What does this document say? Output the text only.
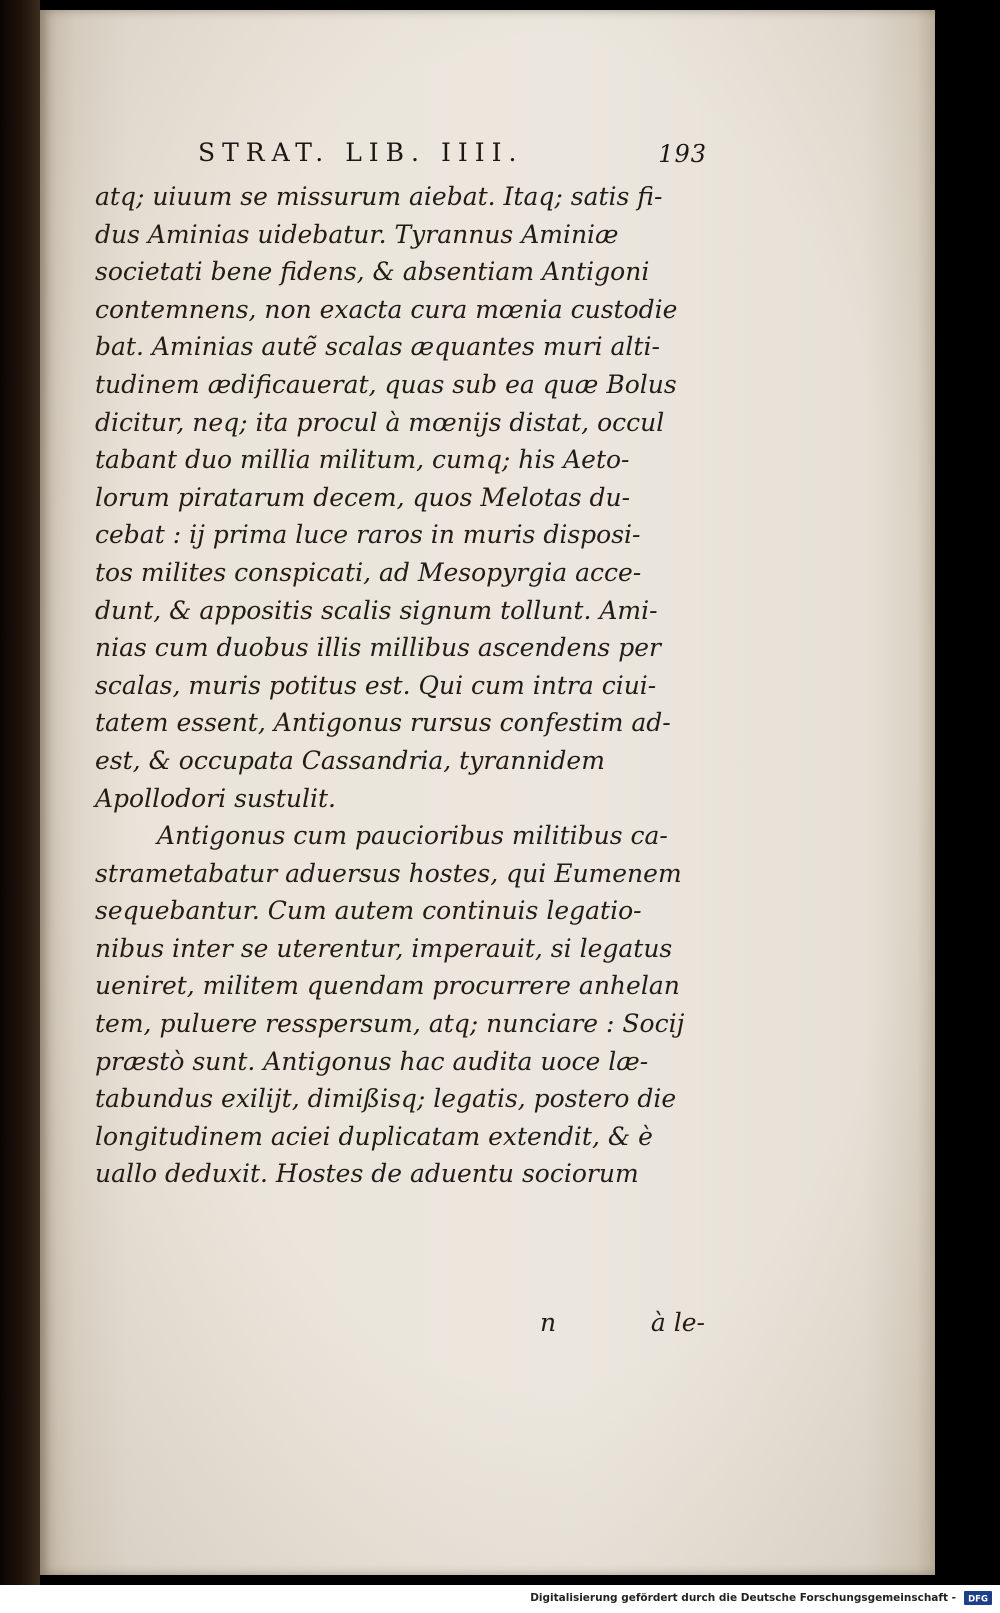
STRAT. LIB. IIII.	193
atq; uiuum se missurum aiebat. Itaq; satis fi-
dus Aminias uidebatur. Tyrannus Aminiæ
societati bene fidens, & absentiam Antigoni
contemnens, non exacta cura mœnia custodie
bat. Aminias autẽ scalas æquantes muri alti-
tudinem ædificauerat, quas sub ea quæ Bolus
dicitur, neq; ita procul à mœnijs distat, occul
tabant duo millia militum, cumq; his Aeto-
lorum piratarum decem, quos Melotas du-
cebat : ij prima luce raros in muris disposi-
tos milites conspicati, ad Mesopyrgia acce-
dunt, & appositis scalis signum tollunt. Ami-
nias cum duobus illis millibus ascendens per
scalas, muris potitus est. Qui cum intra ciui-
tatem essent, Antigonus rursus confestim ad-
est, & occupata Cassandria, tyrannidem
Apollodori sustulit.
Antigonus cum paucioribus militibus ca-
strametabatur aduersus hostes, qui Eumenem
sequebantur. Cum autem continuis legatio-
nibus inter se uterentur, imperauit, si legatus
ueniret, militem quendam procurrere anhelan
tem, puluere resspersum, atq; nunciare : Socij
præstò sunt. Antigonus hac audita uoce læ-
tabundus exilijt, dimißisq; legatis, postero die
longitudinem aciei duplicatam extendit, & è
uallo deduxit. Hostes de aduentu sociorum
n	à le-
Digitalisierung gefördert durch die Deutsche Forschungsgemeinschaft - DFG
